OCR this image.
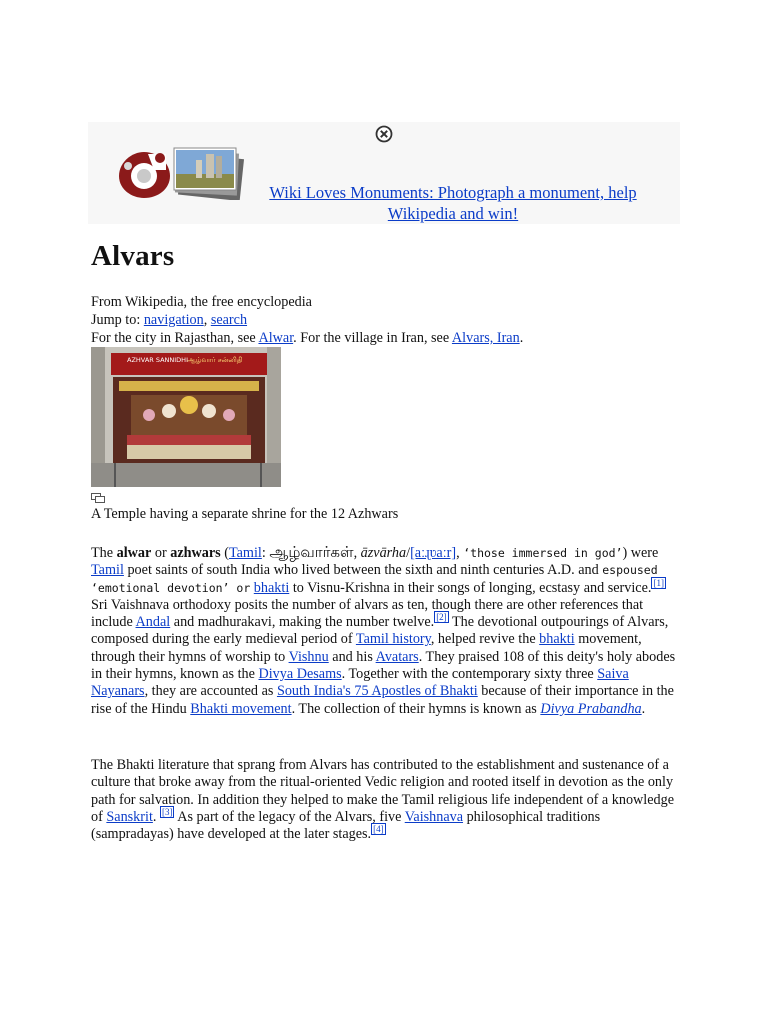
Wiki Loves Monuments: Photograph a monument, help Wikipedia and win!
Alvars
From Wikipedia, the free encyclopedia
Jump to: navigation, search
For the city in Rajasthan, see Alwar. For the village in Iran, see Alvars, Iran.
AZHVAR SANNIDHI ஆழ்வார் சன்னிதி
A Temple having a separate shrine for the 12 Azhwars

The alwar or azhwars (Tamil: ஆழ்வார்கள், āzvārha/[aːɻʋaːr], ‘those immersed in god’) were Tamil poet saints of south India who lived between the sixth and ninth centuries A.D. and espoused ‘emotional devotion’ or bhakti to Visnu-Krishna in their songs of longing, ecstasy and service. [1] Sri Vaishnava orthodoxy posits the number of alvars as ten, though there are other references that include Andal and madhurakavi, making the number twelve. [2] The devotional outpourings of Alvars, composed during the early medieval period of Tamil history, helped revive the bhakti movement, through their hymns of worship to Vishnu and his Avatars. They praised 108 of this deity's holy abodes in their hymns, known as the Divya Desams. Together with the contemporary sixty three Saiva Nayanars, they are accounted as South India's 75 Apostles of Bhakti because of their importance in the rise of the Hindu Bhakti movement. The collection of their hymns is known as Divya Prabandha.

The Bhakti literature that sprang from Alvars has contributed to the establishment and sustenance of a culture that broke away from the ritual-oriented Vedic religion and rooted itself in devotion as the only path for salvation. In addition they helped to make the Tamil religious life independent of a knowledge of Sanskrit. [3] As part of the legacy of the Alvars, five Vaishnava philosophical traditions (sampradayas) have developed at the later stages. [4]
